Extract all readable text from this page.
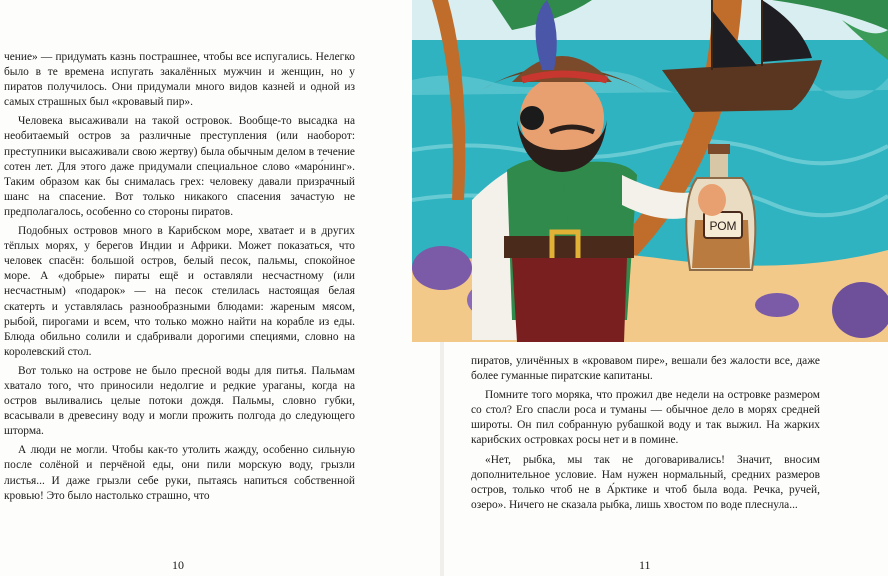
РОМ

чение» — придумать казнь пострашнее, чтобы все испугались. Нелегко было в те времена испугать закалённых мужчин и женщин, но у пиратов получилось. Они придумали много видов казней и одной из самых страшных был «кровавый пир».

Человека высаживали на такой островок. Вообще-то высадка на необитаемый остров за различные преступления (или наоборот: преступники высаживали свою жертву) была обычным делом в течение сотен лет. Для этого даже придумали специальное слово «маро́нинг». Таким образом как бы снималась грех: человеку давали призрачный шанс на спасение. Вот только никакого спасения зачастую не предполагалось, особенно со стороны пиратов.

Подобных островов много в Карибском море, хватает и в других тёплых морях, у берегов Индии и Африки. Может показаться, что человек спасён: большой остров, белый песок, пальмы, спокойное море. А «добрые» пираты ещё и оставляли несчастному (или несчастным) «подарок» — на песок стелилась настоящая белая скатерть и уставлялась разнообразными блюдами: жареным мясом, рыбой, пирогами и всем, что только можно найти на корабле из еды. Блюда обильно солили и сдабривали дорогими специями, словно на королевский стол.

Вот только на острове не было пресной воды для питья. Пальмам хватало того, что приносили недолгие и редкие ураганы, когда на остров выливались целые потоки дождя. Пальмы, словно губки, всасывали в древесину воду и могли прожить полгода до следующего шторма.

А люди не могли. Чтобы как-то утолить жажду, особенно сильную после солёной и перчёной еды, они пили морскую воду, грызли листья... И даже грызли себе руки, пытаясь напиться собственной кровью! Это было настолько страшно, что

10

пиратов, уличённых в «кровавом пире», вешали без жалости все, даже более гуманные пиратские капитаны.

Помните того моряка, что прожил две недели на островке размером со стол? Его спасли роса и туманы — обычное дело в морях средней широты. Он пил собранную рубашкой воду и так выжил. На жарких карибских островках росы нет и в помине.

«Нет, рыбка, мы так не договаривались! Значит, вносим дополнительное условие. Нам нужен нормальный, средних размеров остров, только чтоб не в А́рктике и чтоб была вода. Речка, ручей, озеро». Ничего не сказала рыбка, лишь хвостом по воде плеснула...

11
